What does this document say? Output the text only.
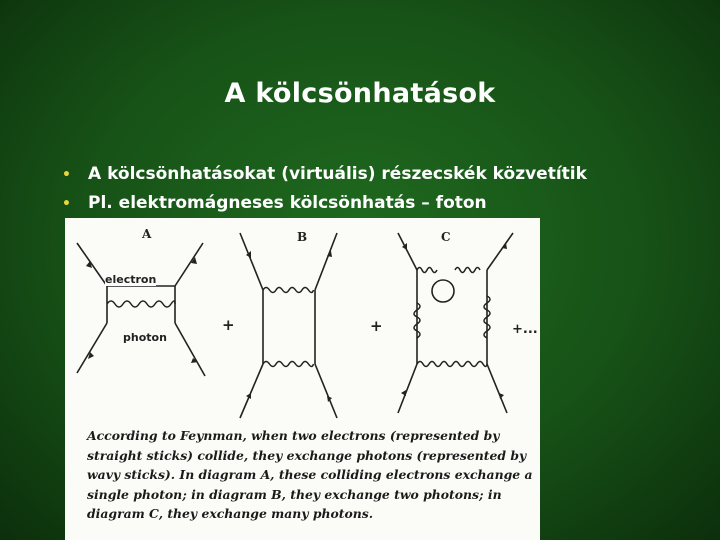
A kölcsönhatások
• A kölcsönhatásokat (virtuális) részecskék közvetítik
• Pl. elektromágneses kölcsönhatás – foton
A	B	C
electron
photon
+	+	+...
According to Feynman, when two electrons (represented by straight sticks) collide, they exchange photons (represented by wavy sticks). In diagram A, these colliding electrons exchange a single photon; in diagram B, they exchange two photons; in diagram C, they exchange many photons.
